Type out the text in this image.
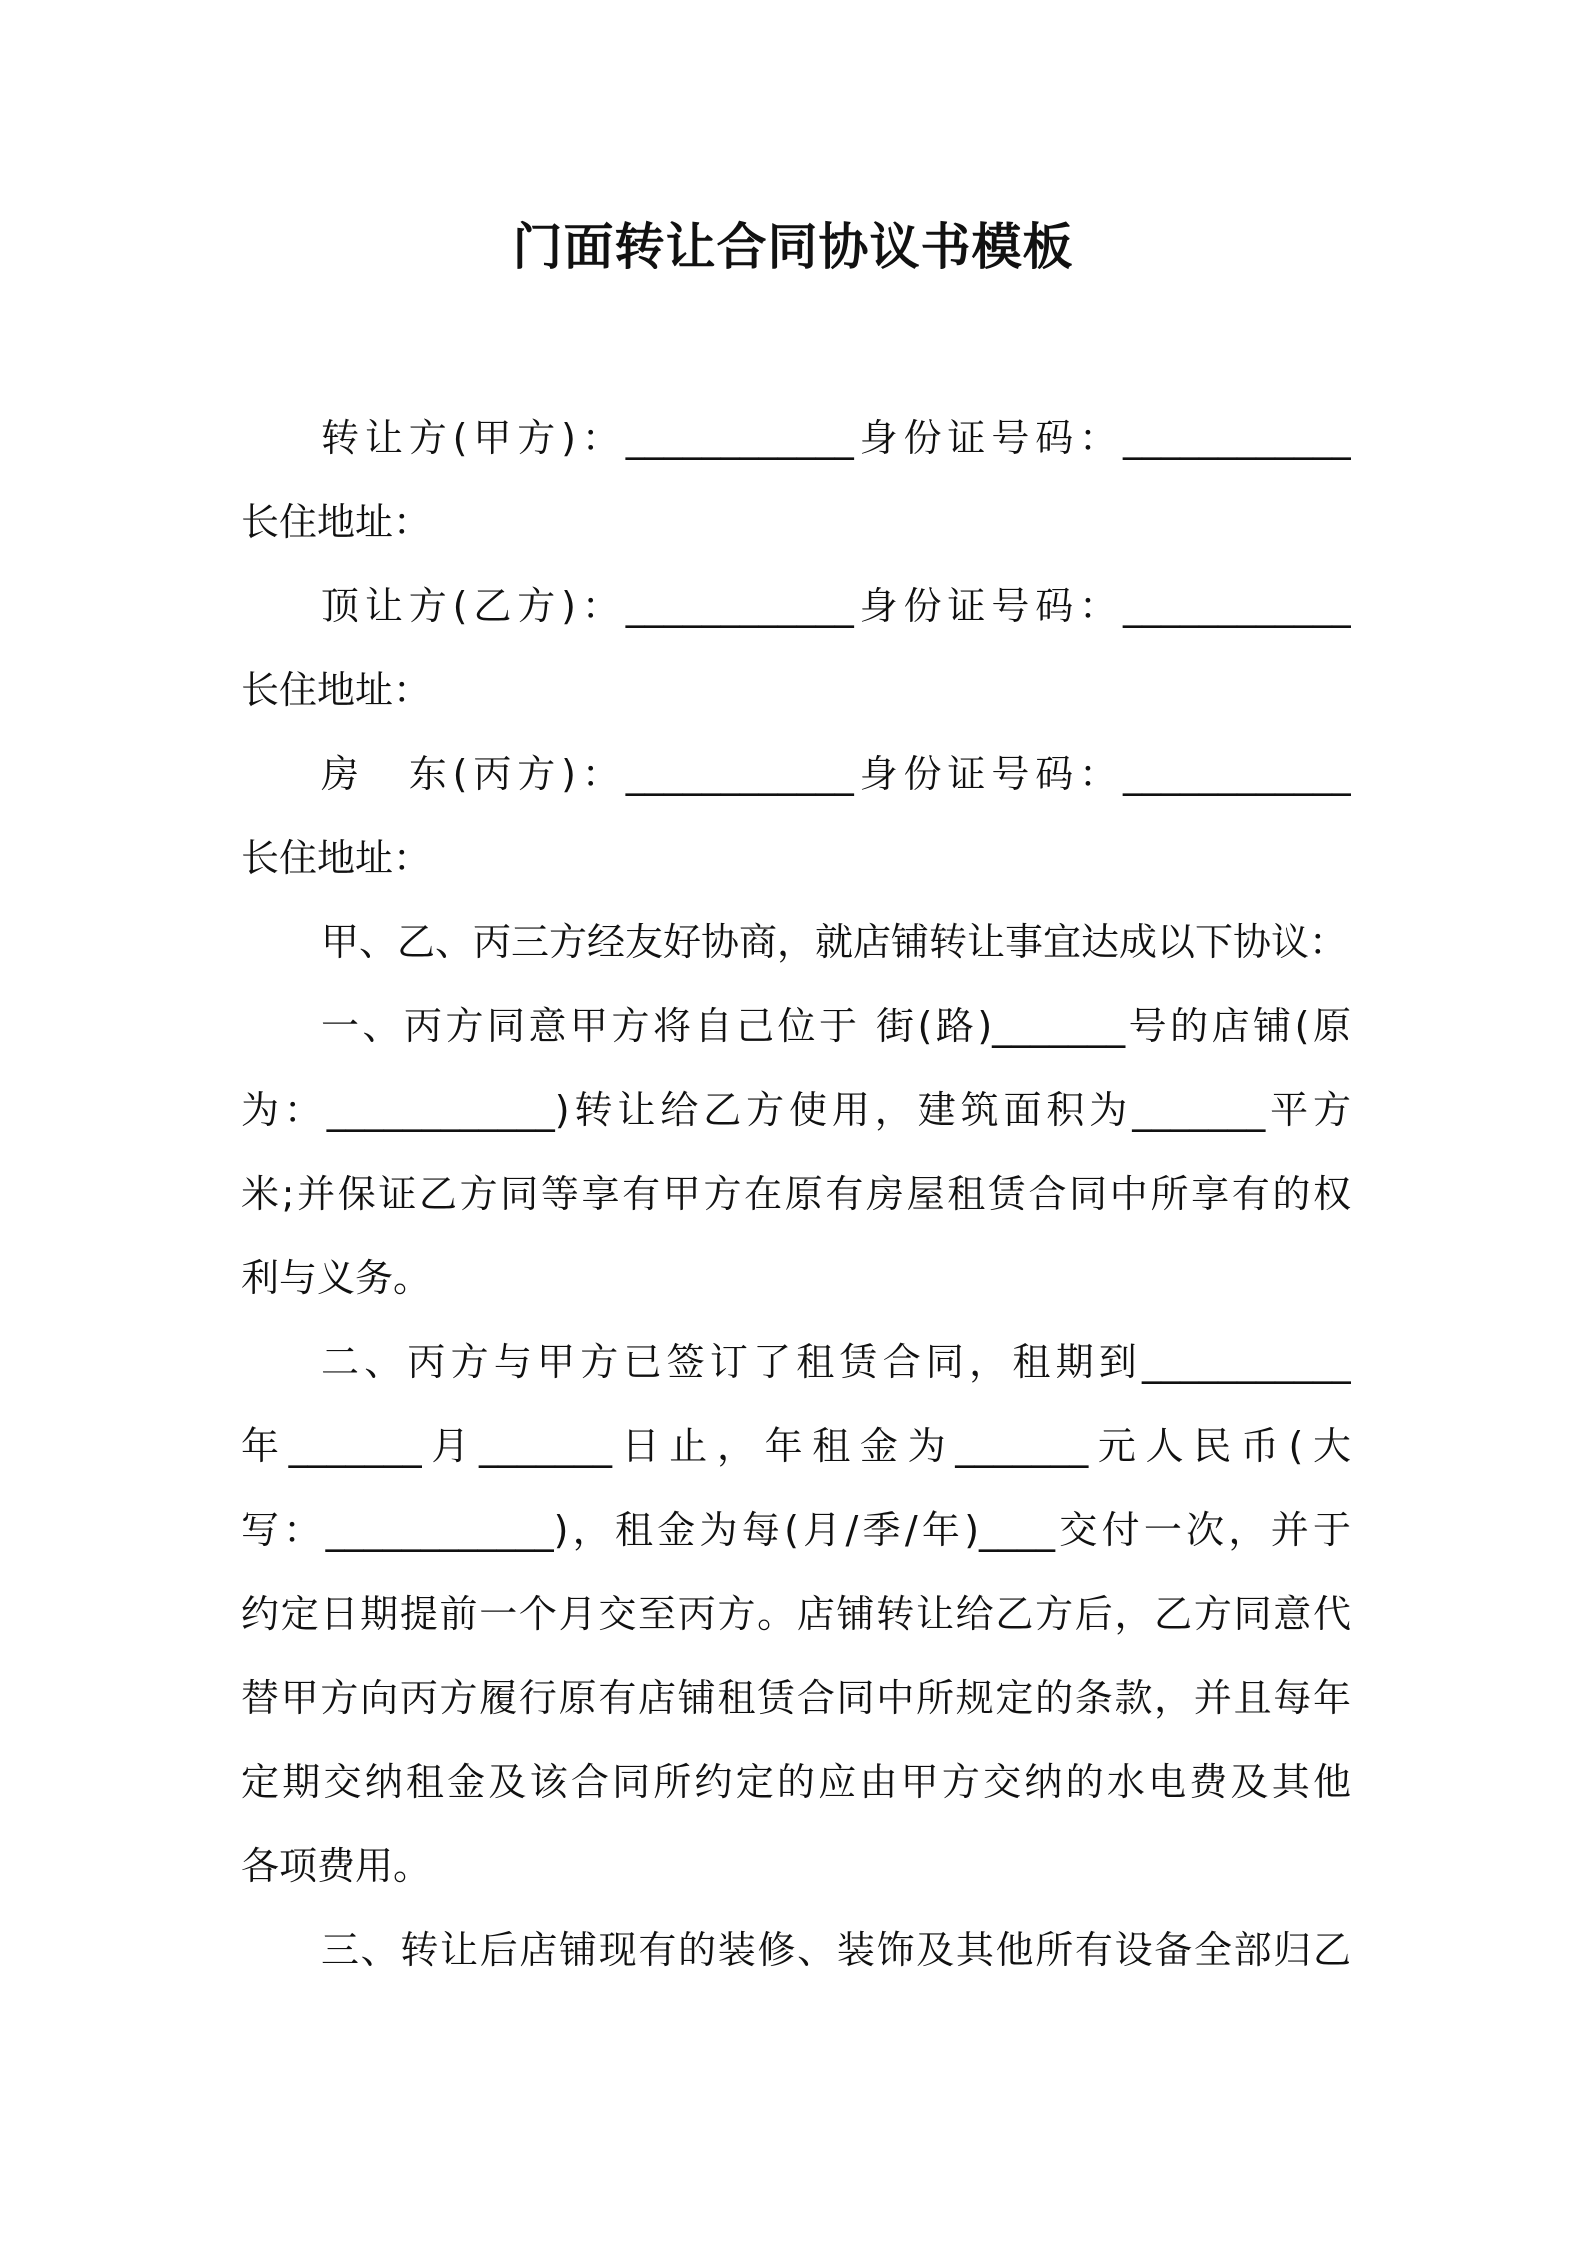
门面转让合同协议书模板
转让方(甲方)：____________身份证号码：____________
长住地址：
顶让方(乙方)：____________身份证号码：____________
长住地址：
房　东(丙方)：____________身份证号码：____________
长住地址：
甲、乙、丙三方经友好协商，就店铺转让事宜达成以下协议：
一、丙方同意甲方将自己位于 街(路)_______号的店铺(原
为：____________)转让给乙方使用，建筑面积为_______平方
米;并保证乙方同等享有甲方在原有房屋租赁合同中所享有的权
利与义务。
二、丙方与甲方已签订了租赁合同，租期到___________
年_______月_______日止，年租金为_______元人民币(大
写：____________)，租金为每(月/季/年)____交付一次，并于
约定日期提前一个月交至丙方。店铺转让给乙方后，乙方同意代
替甲方向丙方履行原有店铺租赁合同中所规定的条款，并且每年
定期交纳租金及该合同所约定的应由甲方交纳的水电费及其他
各项费用。
三、转让后店铺现有的装修、装饰及其他所有设备全部归乙
